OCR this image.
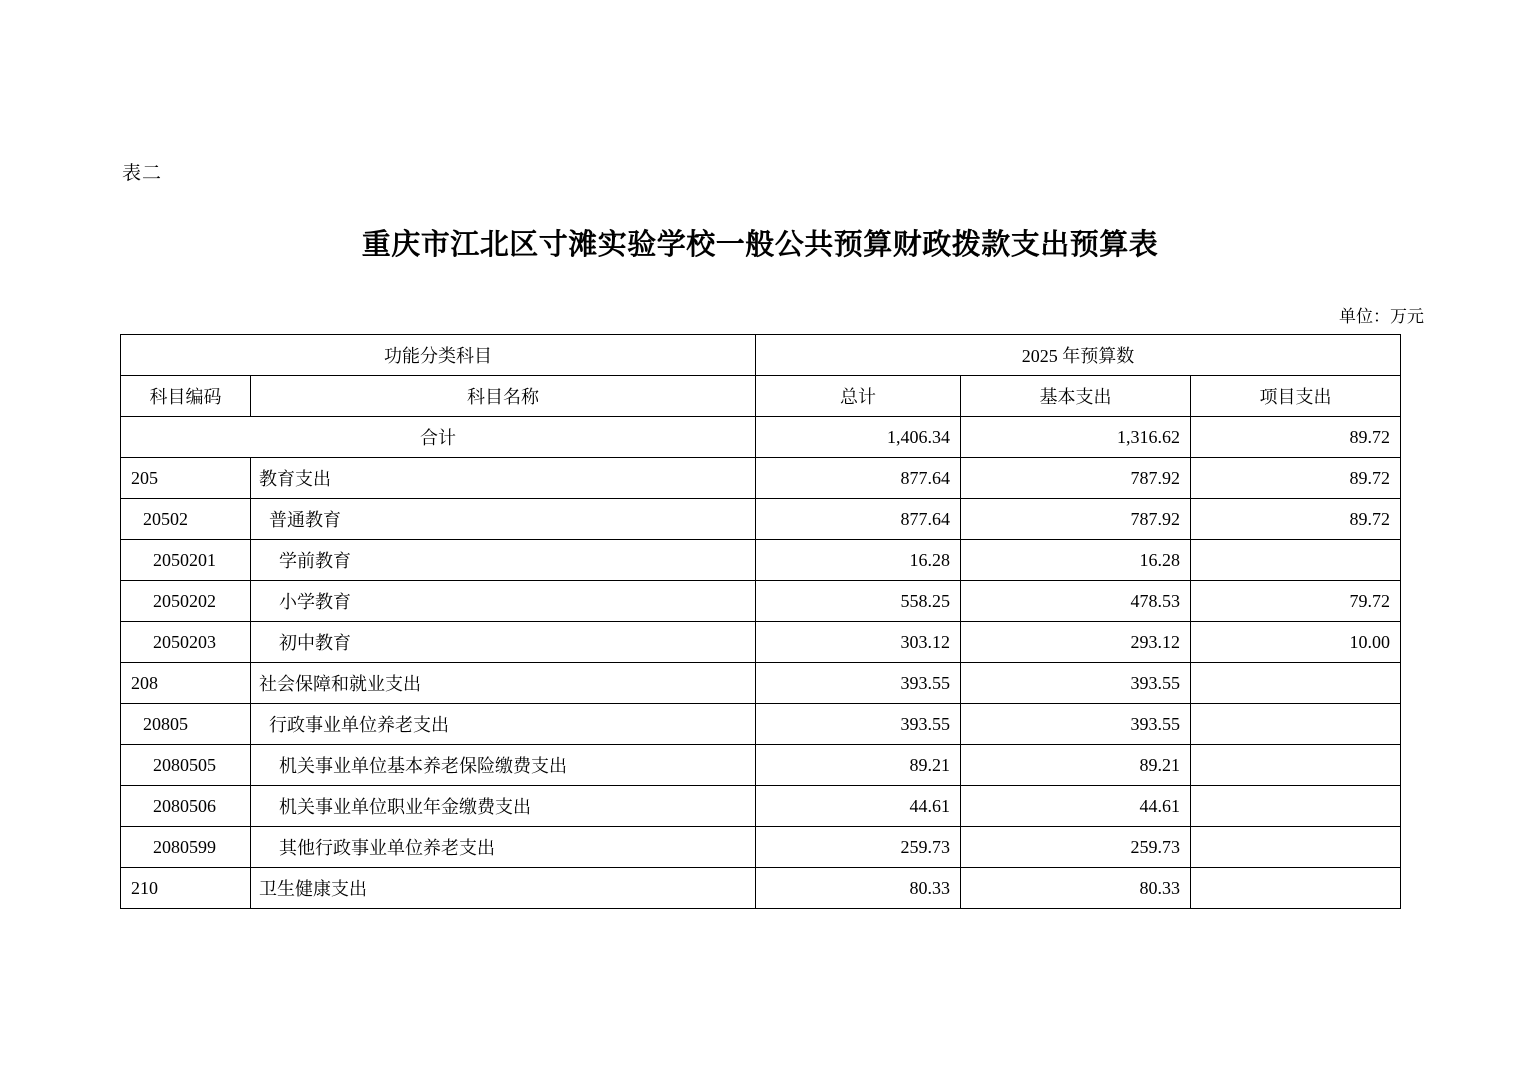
表二
重庆市江北区寸滩实验学校一般公共预算财政拨款支出预算表
单位：万元
功能分类科目		2025 年预算数		
科目编码	科目名称	总计	基本支出	项目支出
合计		1,406.34	1,316.62	89.72
205	教育支出	877.64	787.92	89.72
20502	普通教育	877.64	787.92	89.72
2050201	学前教育	16.28	16.28	
2050202	小学教育	558.25	478.53	79.72
2050203	初中教育	303.12	293.12	10.00
208	社会保障和就业支出	393.55	393.55	
20805	行政事业单位养老支出	393.55	393.55	
2080505	机关事业单位基本养老保险缴费支出	89.21	89.21	
2080506	机关事业单位职业年金缴费支出	44.61	44.61	
2080599	其他行政事业单位养老支出	259.73	259.73	
210	卫生健康支出	80.33	80.33	
